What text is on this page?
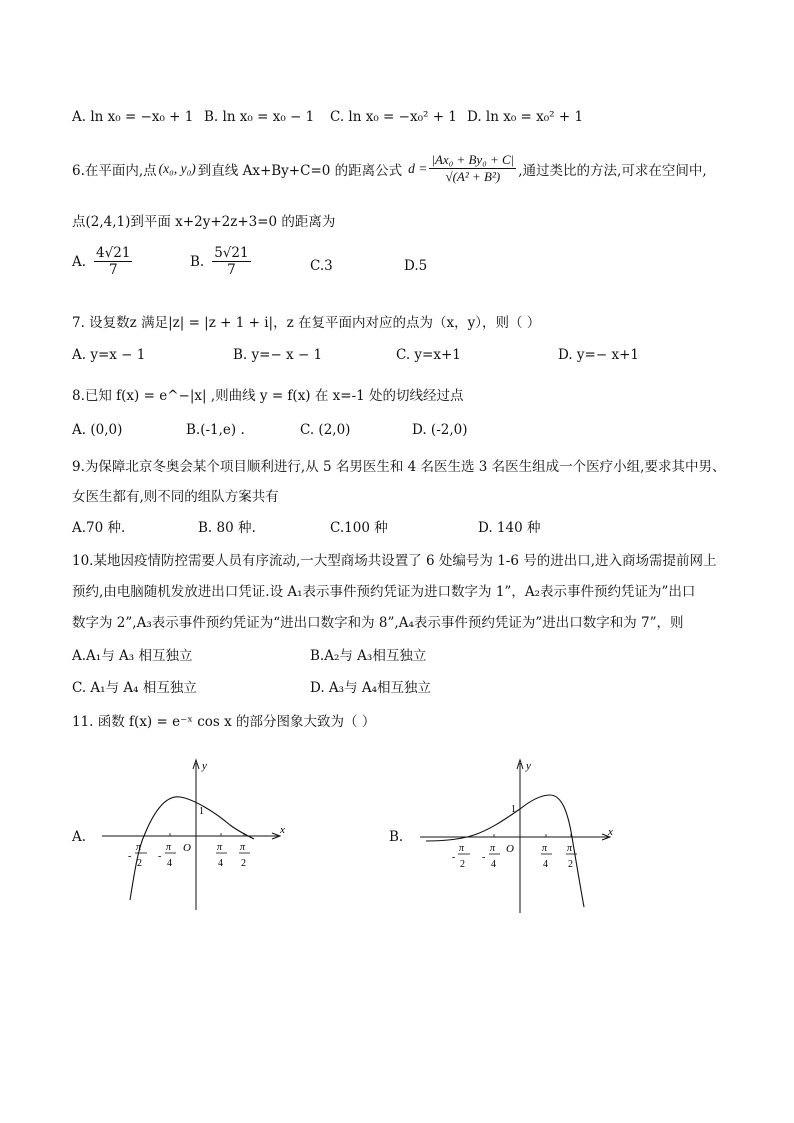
A. ln x₀ = −x₀ + 1 B. ln x₀ = x₀ − 1 C. ln x₀ = −x₀² + 1 D. ln x₀ = x₀² + 1
6.在平面内,点 (x₀, y₀) 到直线 Ax+By+C=0 的距离公式 $d = \frac{\text{|Ax₀ + By₀ + C|}}{\text{√(A² + B²)}}$ ,通过类比的方法,可求在空间中,
点(2,4,1)到平面 x+2y+2z+3=0 的距离为
A. $\frac{4√21}{7}$	B. $\frac{5√21}{7}$	C.3	D.5
7. 设复数z 满足|z| = |z + 1 + i|，z 在复平面内对应的点为（x，y），则（ ）
A. y=x − 1	B. y=− x − 1	C. y=x+1	D. y=− x+1
8.已知 f(x) = e^−|x| ,则曲线 y = f(x) 在 x=-1 处的切线经过点
A. (0,0)	B.(-1,e) .	C. (2,0)	D. (-2,0)
9.为保障北京冬奥会某个项目顺利进行,从 5 名男医生和 4 名医生选 3 名医生组成一个医疗小组,要求其中男、
女医生都有,则不同的组队方案共有
A.70 种.	B. 80 种.	C.100 种	D. 140 种
10.某地因疫情防控需要人员有序流动,一大型商场共设置了 6 处编号为 1-6 号的进出口,进入商场需提前网上
预约,由电脑随机发放进出口凭证.设 A₁表示事件预约凭证为进口数字为 1”，A₂表示事件预约凭证为”出口
数字为 2”,A₃表示事件预约凭证为“进出口数字和为 8”,A₄表示事件预约凭证为”进出口数字和为 7”，则
A.A₁与 A₃ 相互独立	B.A₂与 A₃相互独立
C. A₁与 A₄ 相互独立	D. A₃与 A₄相互独立
11. 函数 f(x) = e⁻ˣ cos x 的部分图象大致为（ ）
A.	x
y
O
1
π
-
2
π
-
4
π
4
π
2
B.	x
y
O
1
π
-
2
π
-
4
π
4
π
2
